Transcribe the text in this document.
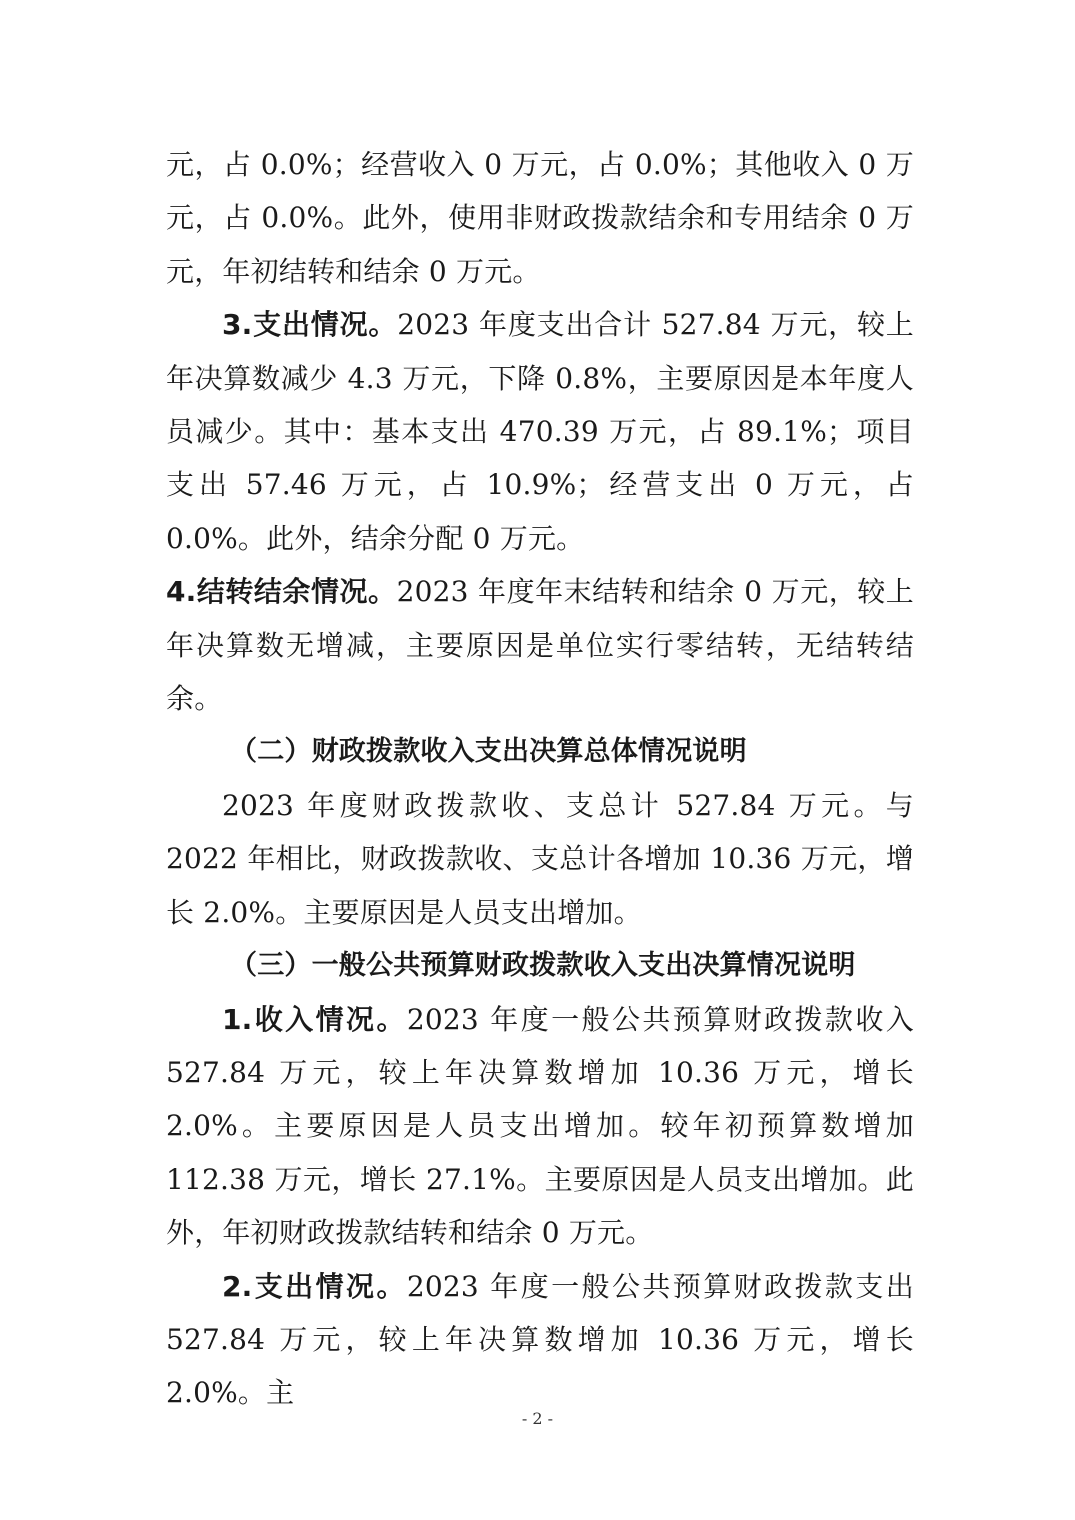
元，占 0.0%；经营收入 0 万元，占 0.0%；其他收入 0 万元，占 0.0%。此外，使用非财政拨款结余和专用结余 0 万元，年初结转和结余 0 万元。

3.支出情况。2023 年度支出合计 527.84 万元，较上年决算数减少 4.3 万元，下降 0.8%，主要原因是本年度人员减少。其中：基本支出 470.39 万元，占 89.1%；项目支出 57.46 万元，占 10.9%；经营支出 0 万元，占 0.0%。此外，结余分配 0 万元。

4.结转结余情况。2023 年度年末结转和结余 0 万元，较上年决算数无增减，主要原因是单位实行零结转，无结转结余。

（二）财政拨款收入支出决算总体情况说明

2023 年度财政拨款收、支总计 527.84 万元。与 2022 年相比，财政拨款收、支总计各增加 10.36 万元，增长 2.0%。主要原因是人员支出增加。

（三）一般公共预算财政拨款收入支出决算情况说明

1.收入情况。2023 年度一般公共预算财政拨款收入 527.84 万元，较上年决算数增加 10.36 万元，增长 2.0%。主要原因是人员支出增加。较年初预算数增加 112.38 万元，增长 27.1%。主要原因是人员支出增加。此外，年初财政拨款结转和结余 0 万元。

2.支出情况。2023 年度一般公共预算财政拨款支出 527.84 万元，较上年决算数增加 10.36 万元，增长 2.0%。主

- 2 -
